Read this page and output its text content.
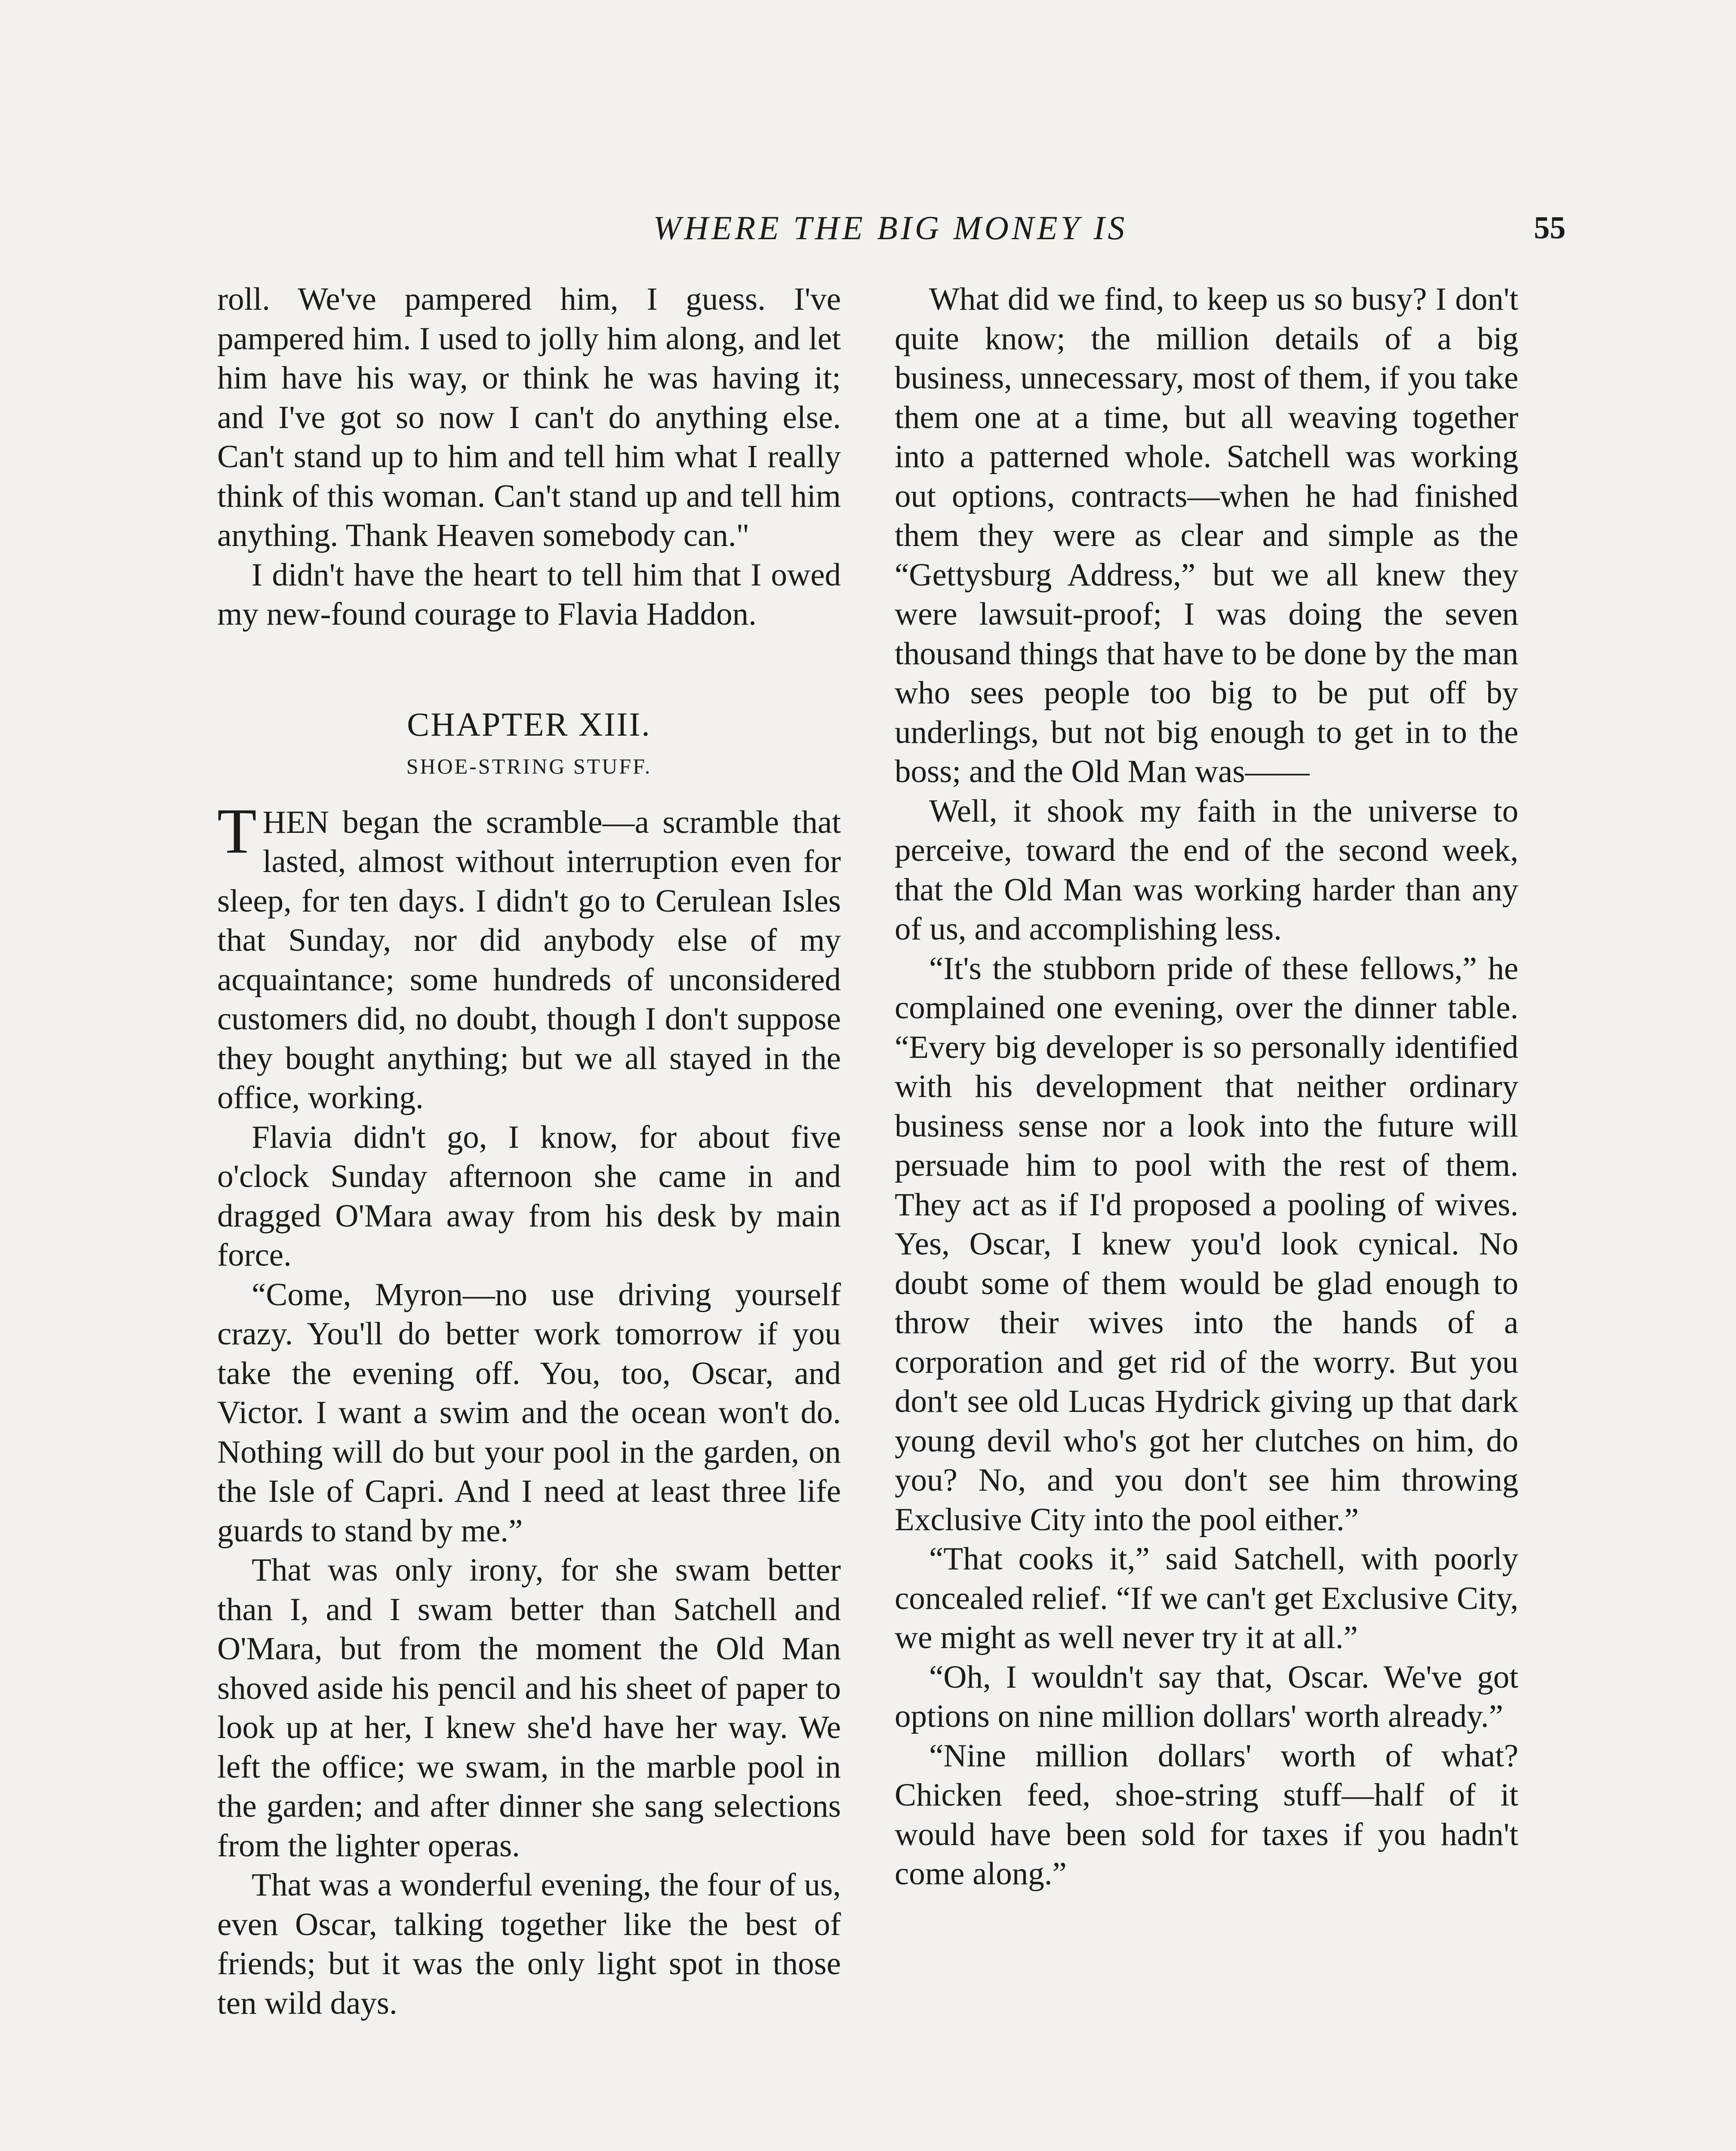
WHERE THE BIG MONEY IS	55

roll. We've pampered him, I guess. I've pampered him. I used to jolly him along, and let him have his way, or think he was having it; and I've got so now I can't do anything else. Can't stand up to him and tell him what I really think of this woman. Can't stand up and tell him anything. Thank Heaven somebody can."

I didn't have the heart to tell him that I owed my new-found courage to Flavia Haddon.

CHAPTER XIII.
SHOE-STRING STUFF.

THEN began the scramble—a scramble that lasted, almost without interruption even for sleep, for ten days. I didn't go to Cerulean Isles that Sunday, nor did anybody else of my acquaintance; some hundreds of unconsidered customers did, no doubt, though I don't suppose they bought anything; but we all stayed in the office, working.

Flavia didn't go, I know, for about five o'clock Sunday afternoon she came in and dragged O'Mara away from his desk by main force.

“Come, Myron—no use driving yourself crazy. You'll do better work tomorrow if you take the evening off. You, too, Oscar, and Victor. I want a swim and the ocean won't do. Nothing will do but your pool in the garden, on the Isle of Capri. And I need at least three life guards to stand by me.”

That was only irony, for she swam better than I, and I swam better than Satchell and O'Mara, but from the moment the Old Man shoved aside his pencil and his sheet of paper to look up at her, I knew she'd have her way. We left the office; we swam, in the marble pool in the garden; and after dinner she sang selections from the lighter operas.

That was a wonderful evening, the four of us, even Oscar, talking together like the best of friends; but it was the only light spot in those ten wild days.

What did we find, to keep us so busy? I don't quite know; the million details of a big business, unnecessary, most of them, if you take them one at a time, but all weaving together into a patterned whole. Satchell was working out options, contracts—when he had finished them they were as clear and simple as the “Gettysburg Address,” but we all knew they were lawsuit-proof; I was doing the seven thousand things that have to be done by the man who sees people too big to be put off by underlings, but not big enough to get in to the boss; and the Old Man was——

Well, it shook my faith in the universe to perceive, toward the end of the second week, that the Old Man was working harder than any of us, and accomplishing less.

“It's the stubborn pride of these fellows,” he complained one evening, over the dinner table. “Every big developer is so personally identified with his development that neither ordinary business sense nor a look into the future will persuade him to pool with the rest of them. They act as if I'd proposed a pooling of wives. Yes, Oscar, I knew you'd look cynical. No doubt some of them would be glad enough to throw their wives into the hands of a corporation and get rid of the worry. But you don't see old Lucas Hydrick giving up that dark young devil who's got her clutches on him, do you? No, and you don't see him throwing Exclusive City into the pool either.”

“That cooks it,” said Satchell, with poorly concealed relief. “If we can't get Exclusive City, we might as well never try it at all.”

“Oh, I wouldn't say that, Oscar. We've got options on nine million dollars' worth already.”

“Nine million dollars' worth of what? Chicken feed, shoe-string stuff—half of it would have been sold for taxes if you hadn't come along.”
